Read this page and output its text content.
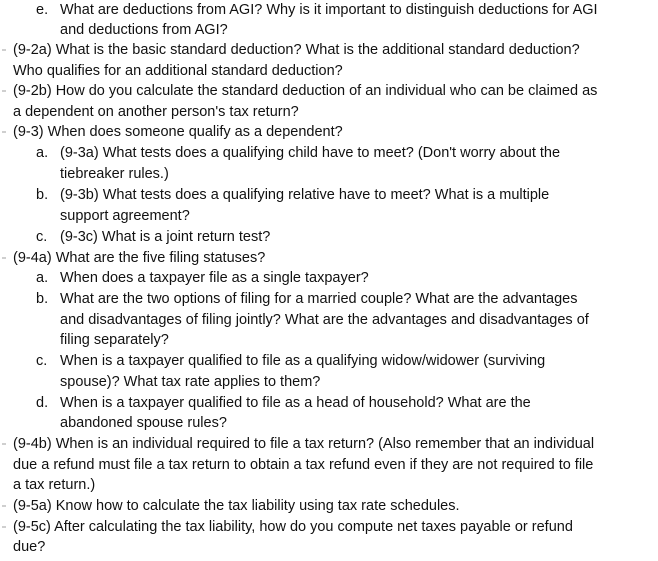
e. What are deductions from AGI? Why is it important to distinguish deductions for AGI
and deductions from AGI?
(9-2a) What is the basic standard deduction? What is the additional standard deduction?
Who qualifies for an additional standard deduction?
(9-2b) How do you calculate the standard deduction of an individual who can be claimed as
a dependent on another person's tax return?
(9-3) When does someone qualify as a dependent?
a. (9-3a) What tests does a qualifying child have to meet? (Don't worry about the
tiebreaker rules.)
b. (9-3b) What tests does a qualifying relative have to meet? What is a multiple
support agreement?
c. (9-3c) What is a joint return test?
(9-4a) What are the five filing statuses?
a. When does a taxpayer file as a single taxpayer?
b. What are the two options of filing for a married couple? What are the advantages
and disadvantages of filing jointly? What are the advantages and disadvantages of
filing separately?
c. When is a taxpayer qualified to file as a qualifying widow/widower (surviving
spouse)? What tax rate applies to them?
d. When is a taxpayer qualified to file as a head of household? What are the
abandoned spouse rules?
(9-4b) When is an individual required to file a tax return? (Also remember that an individual
due a refund must file a tax return to obtain a tax refund even if they are not required to file
a tax return.)
(9-5a) Know how to calculate the tax liability using tax rate schedules.
(9-5c) After calculating the tax liability, how do you compute net taxes payable or refund
due?
